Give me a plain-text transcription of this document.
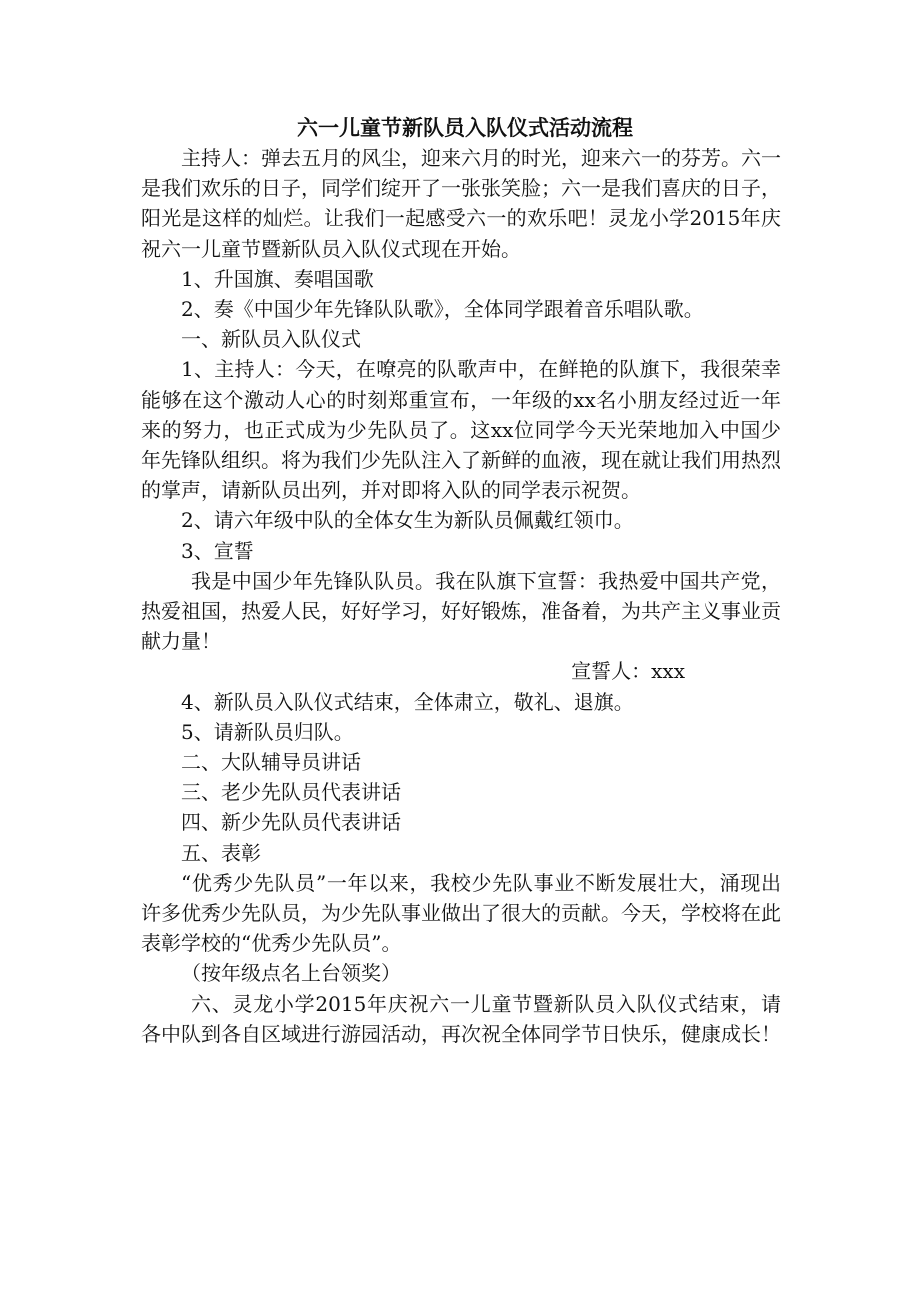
六一儿童节新队员入队仪式活动流程

主持人：弹去五月的风尘，迎来六月的时光，迎来六一的芬芳。六一是我们欢乐的日子，同学们绽开了一张张笑脸；六一是我们喜庆的日子，阳光是这样的灿烂。让我们一起感受六一的欢乐吧！灵龙小学2015年庆祝六一儿童节暨新队员入队仪式现在开始。

1、升国旗、奏唱国歌

2、奏《中国少年先锋队队歌》，全体同学跟着音乐唱队歌。

一、新队员入队仪式

1、主持人：今天，在嘹亮的队歌声中，在鲜艳的队旗下，我很荣幸能够在这个激动人心的时刻郑重宣布，一年级的xx名小朋友经过近一年来的努力，也正式成为少先队员了。这xx位同学今天光荣地加入中国少年先锋队组织。将为我们少先队注入了新鲜的血液，现在就让我们用热烈的掌声，请新队员出列，并对即将入队的同学表示祝贺。

2、请六年级中队的全体女生为新队员佩戴红领巾。

3、宣誓

我是中国少年先锋队队员。我在队旗下宣誓：我热爱中国共产党，热爱祖国，热爱人民，好好学习，好好锻炼，准备着，为共产主义事业贡献力量！

宣誓人：xxx

4、新队员入队仪式结束，全体肃立，敬礼、退旗。

5、请新队员归队。

二、大队辅导员讲话

三、老少先队员代表讲话

四、新少先队员代表讲话

五、表彰

“优秀少先队员”一年以来，我校少先队事业不断发展壮大，涌现出许多优秀少先队员，为少先队事业做出了很大的贡献。今天，学校将在此表彰学校的“优秀少先队员”。

（按年级点名上台领奖）

六、灵龙小学2015年庆祝六一儿童节暨新队员入队仪式结束，请各中队到各自区域进行游园活动，再次祝全体同学节日快乐，健康成长！
